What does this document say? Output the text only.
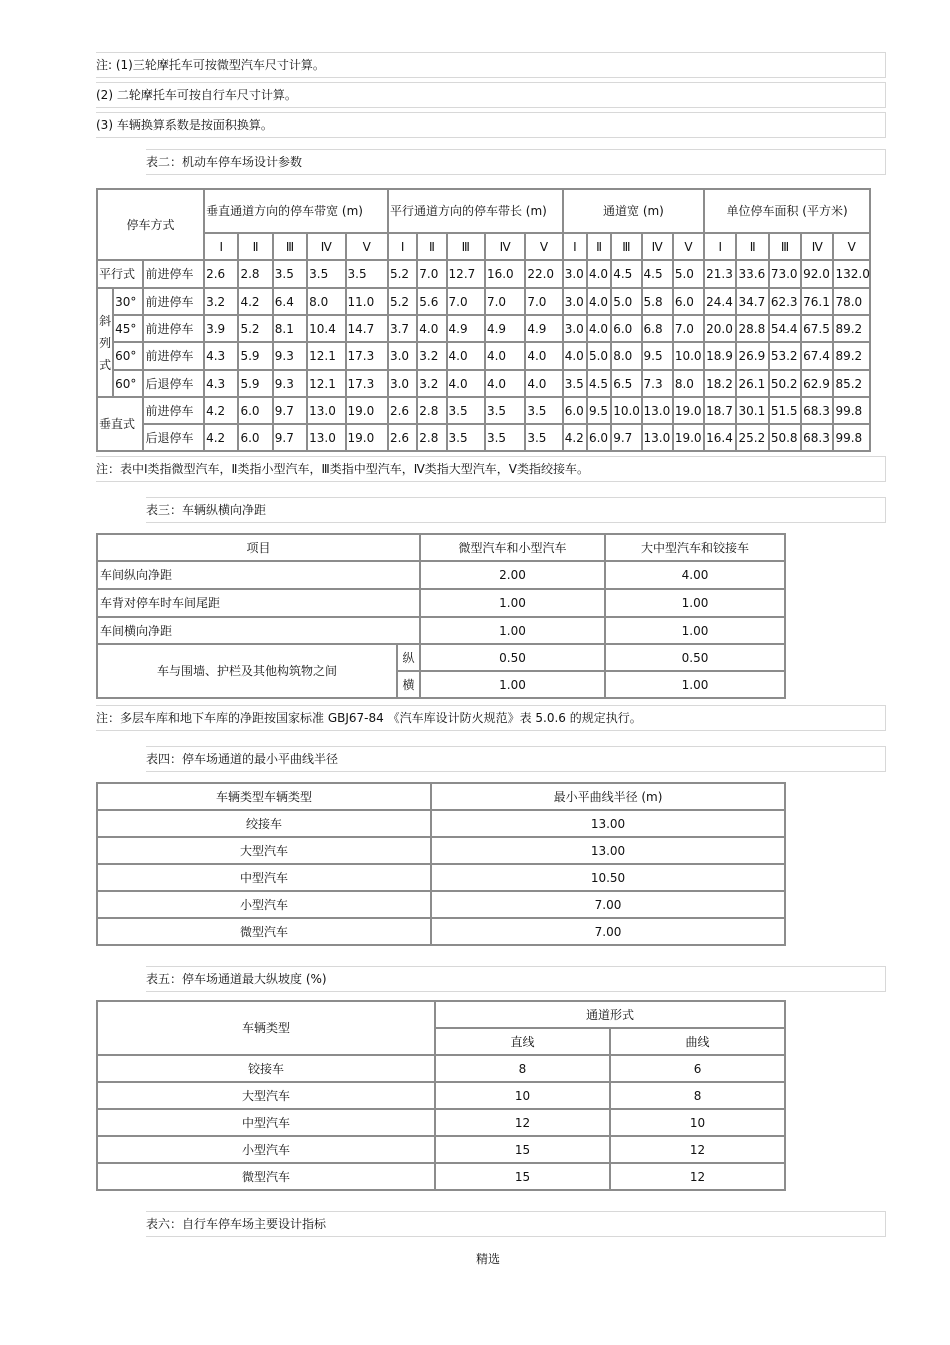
注: (1)三轮摩托车可按微型汽车尺寸计算。
(2) 二轮摩托车可按自行车尺寸计算。
(3) 车辆换算系数是按面积换算。
表二：机动车停车场设计参数
停车方式			垂直通道方向的停车带宽 (m)					平行通道方向的停车带长 (m)					通道宽 (m)					单位停车面积 (平方米)				
			Ⅰ	Ⅱ	Ⅲ	Ⅳ	Ⅴ	Ⅰ	Ⅱ	Ⅲ	Ⅳ	Ⅴ	Ⅰ	Ⅱ	Ⅲ	Ⅳ	Ⅴ	Ⅰ	Ⅱ	Ⅲ	Ⅳ	Ⅴ
平行式		前进停车	2.6	2.8	3.5	3.5	3.5	5.2	7.0	12.7	16.0	22.0	3.0	4.0	4.5	4.5	5.0	21.3	33.6	73.0	92.0	132.0
斜列式	30°	前进停车	3.2	4.2	6.4	8.0	11.0	5.2	5.6	7.0	7.0	7.0	3.0	4.0	5.0	5.8	6.0	24.4	34.7	62.3	76.1	78.0
	45°	前进停车	3.9	5.2	8.1	10.4	14.7	3.7	4.0	4.9	4.9	4.9	3.0	4.0	6.0	6.8	7.0	20.0	28.8	54.4	67.5	89.2
	60°	前进停车	4.3	5.9	9.3	12.1	17.3	3.0	3.2	4.0	4.0	4.0	4.0	5.0	8.0	9.5	10.0	18.9	26.9	53.2	67.4	89.2
	60°	后退停车	4.3	5.9	9.3	12.1	17.3	3.0	3.2	4.0	4.0	4.0	3.5	4.5	6.5	7.3	8.0	18.2	26.1	50.2	62.9	85.2
垂直式		前进停车	4.2	6.0	9.7	13.0	19.0	2.6	2.8	3.5	3.5	3.5	6.0	9.5	10.0	13.0	19.0	18.7	30.1	51.5	68.3	99.8
		后退停车	4.2	6.0	9.7	13.0	19.0	2.6	2.8	3.5	3.5	3.5	4.2	6.0	9.7	13.0	19.0	16.4	25.2	50.8	68.3	99.8
注：表中Ⅰ类指微型汽车，Ⅱ类指小型汽车，Ⅲ类指中型汽车，Ⅳ类指大型汽车，Ⅴ类指绞接车。
表三：车辆纵横向净距
项目		微型汽车和小型汽车	大中型汽车和铰接车
车间纵向净距		2.00	4.00
车背对停车时车间尾距		1.00	1.00
车间横向净距		1.00	1.00
车与围墙、护栏及其他构筑物之间	纵	0.50	0.50
	横	1.00	1.00
注：多层车库和地下车库的净距按国家标准 GBJ67-84 《汽车库设计防火规范》表 5.0.6 的规定执行。
表四：停车场通道的最小平曲线半径
车辆类型车辆类型	最小平曲线半径 (m)
绞接车	13.00
大型汽车	13.00
中型汽车	10.50
小型汽车	7.00
微型汽车	7.00
表五：停车场通道最大纵坡度 (%)
车辆类型	通道形式	
	直线	曲线
铰接车	8	6
大型汽车	10	8
中型汽车	12	10
小型汽车	15	12
微型汽车	15	12
表六：自行车停车场主要设计指标
精选
